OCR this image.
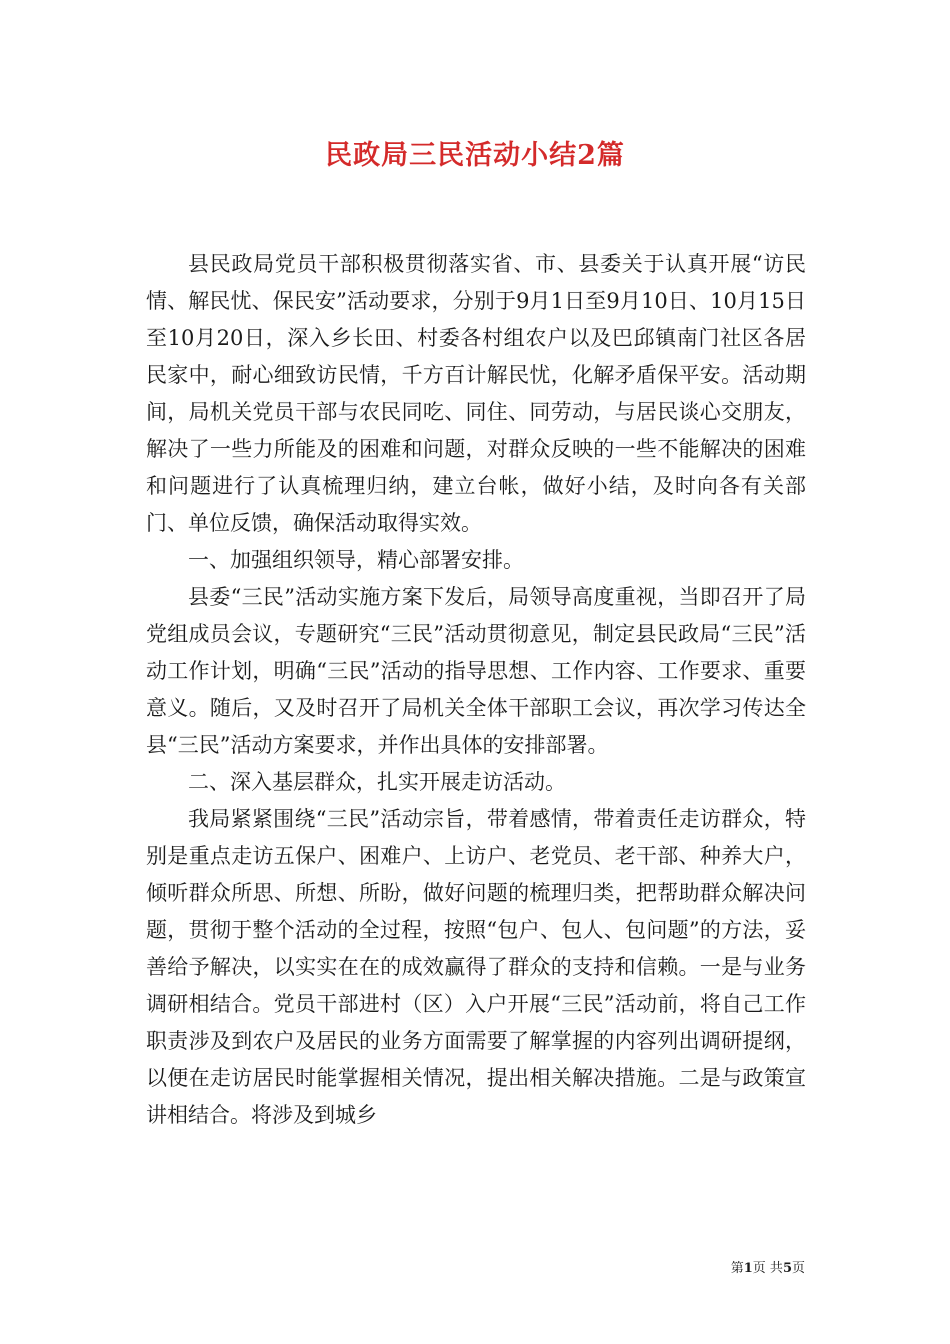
民政局三民活动小结2篇

县民政局党员干部积极贯彻落实省、市、县委关于认真开展“访民情、解民忧、保民安”活动要求，分别于9月1日至9月10日、10月15日至10月20日，深入乡长田、村委各村组农户以及巴邱镇南门社区各居民家中，耐心细致访民情，千方百计解民忧，化解矛盾保平安。活动期间，局机关党员干部与农民同吃、同住、同劳动，与居民谈心交朋友，解决了一些力所能及的困难和问题，对群众反映的一些不能解决的困难和问题进行了认真梳理归纳，建立台帐，做好小结，及时向各有关部门、单位反馈，确保活动取得实效。

一、加强组织领导，精心部署安排。

县委“三民”活动实施方案下发后，局领导高度重视，当即召开了局党组成员会议，专题研究“三民”活动贯彻意见，制定县民政局“三民”活动工作计划，明确“三民”活动的指导思想、工作内容、工作要求、重要意义。随后，又及时召开了局机关全体干部职工会议，再次学习传达全县“三民”活动方案要求，并作出具体的安排部署。

二、深入基层群众，扎实开展走访活动。

我局紧紧围绕“三民”活动宗旨，带着感情，带着责任走访群众，特别是重点走访五保户、困难户、上访户、老党员、老干部、种养大户，倾听群众所思、所想、所盼，做好问题的梳理归类，把帮助群众解决问题，贯彻于整个活动的全过程，按照“包户、包人、包问题”的方法，妥善给予解决，以实实在在的成效赢得了群众的支持和信赖。一是与业务调研相结合。党员干部进村（区）入户开展“三民”活动前，将自己工作职责涉及到农户及居民的业务方面需要了解掌握的内容列出调研提纲，以便在走访居民时能掌握相关情况，提出相关解决措施。二是与政策宣讲相结合。将涉及到城乡

第1页 共5页
